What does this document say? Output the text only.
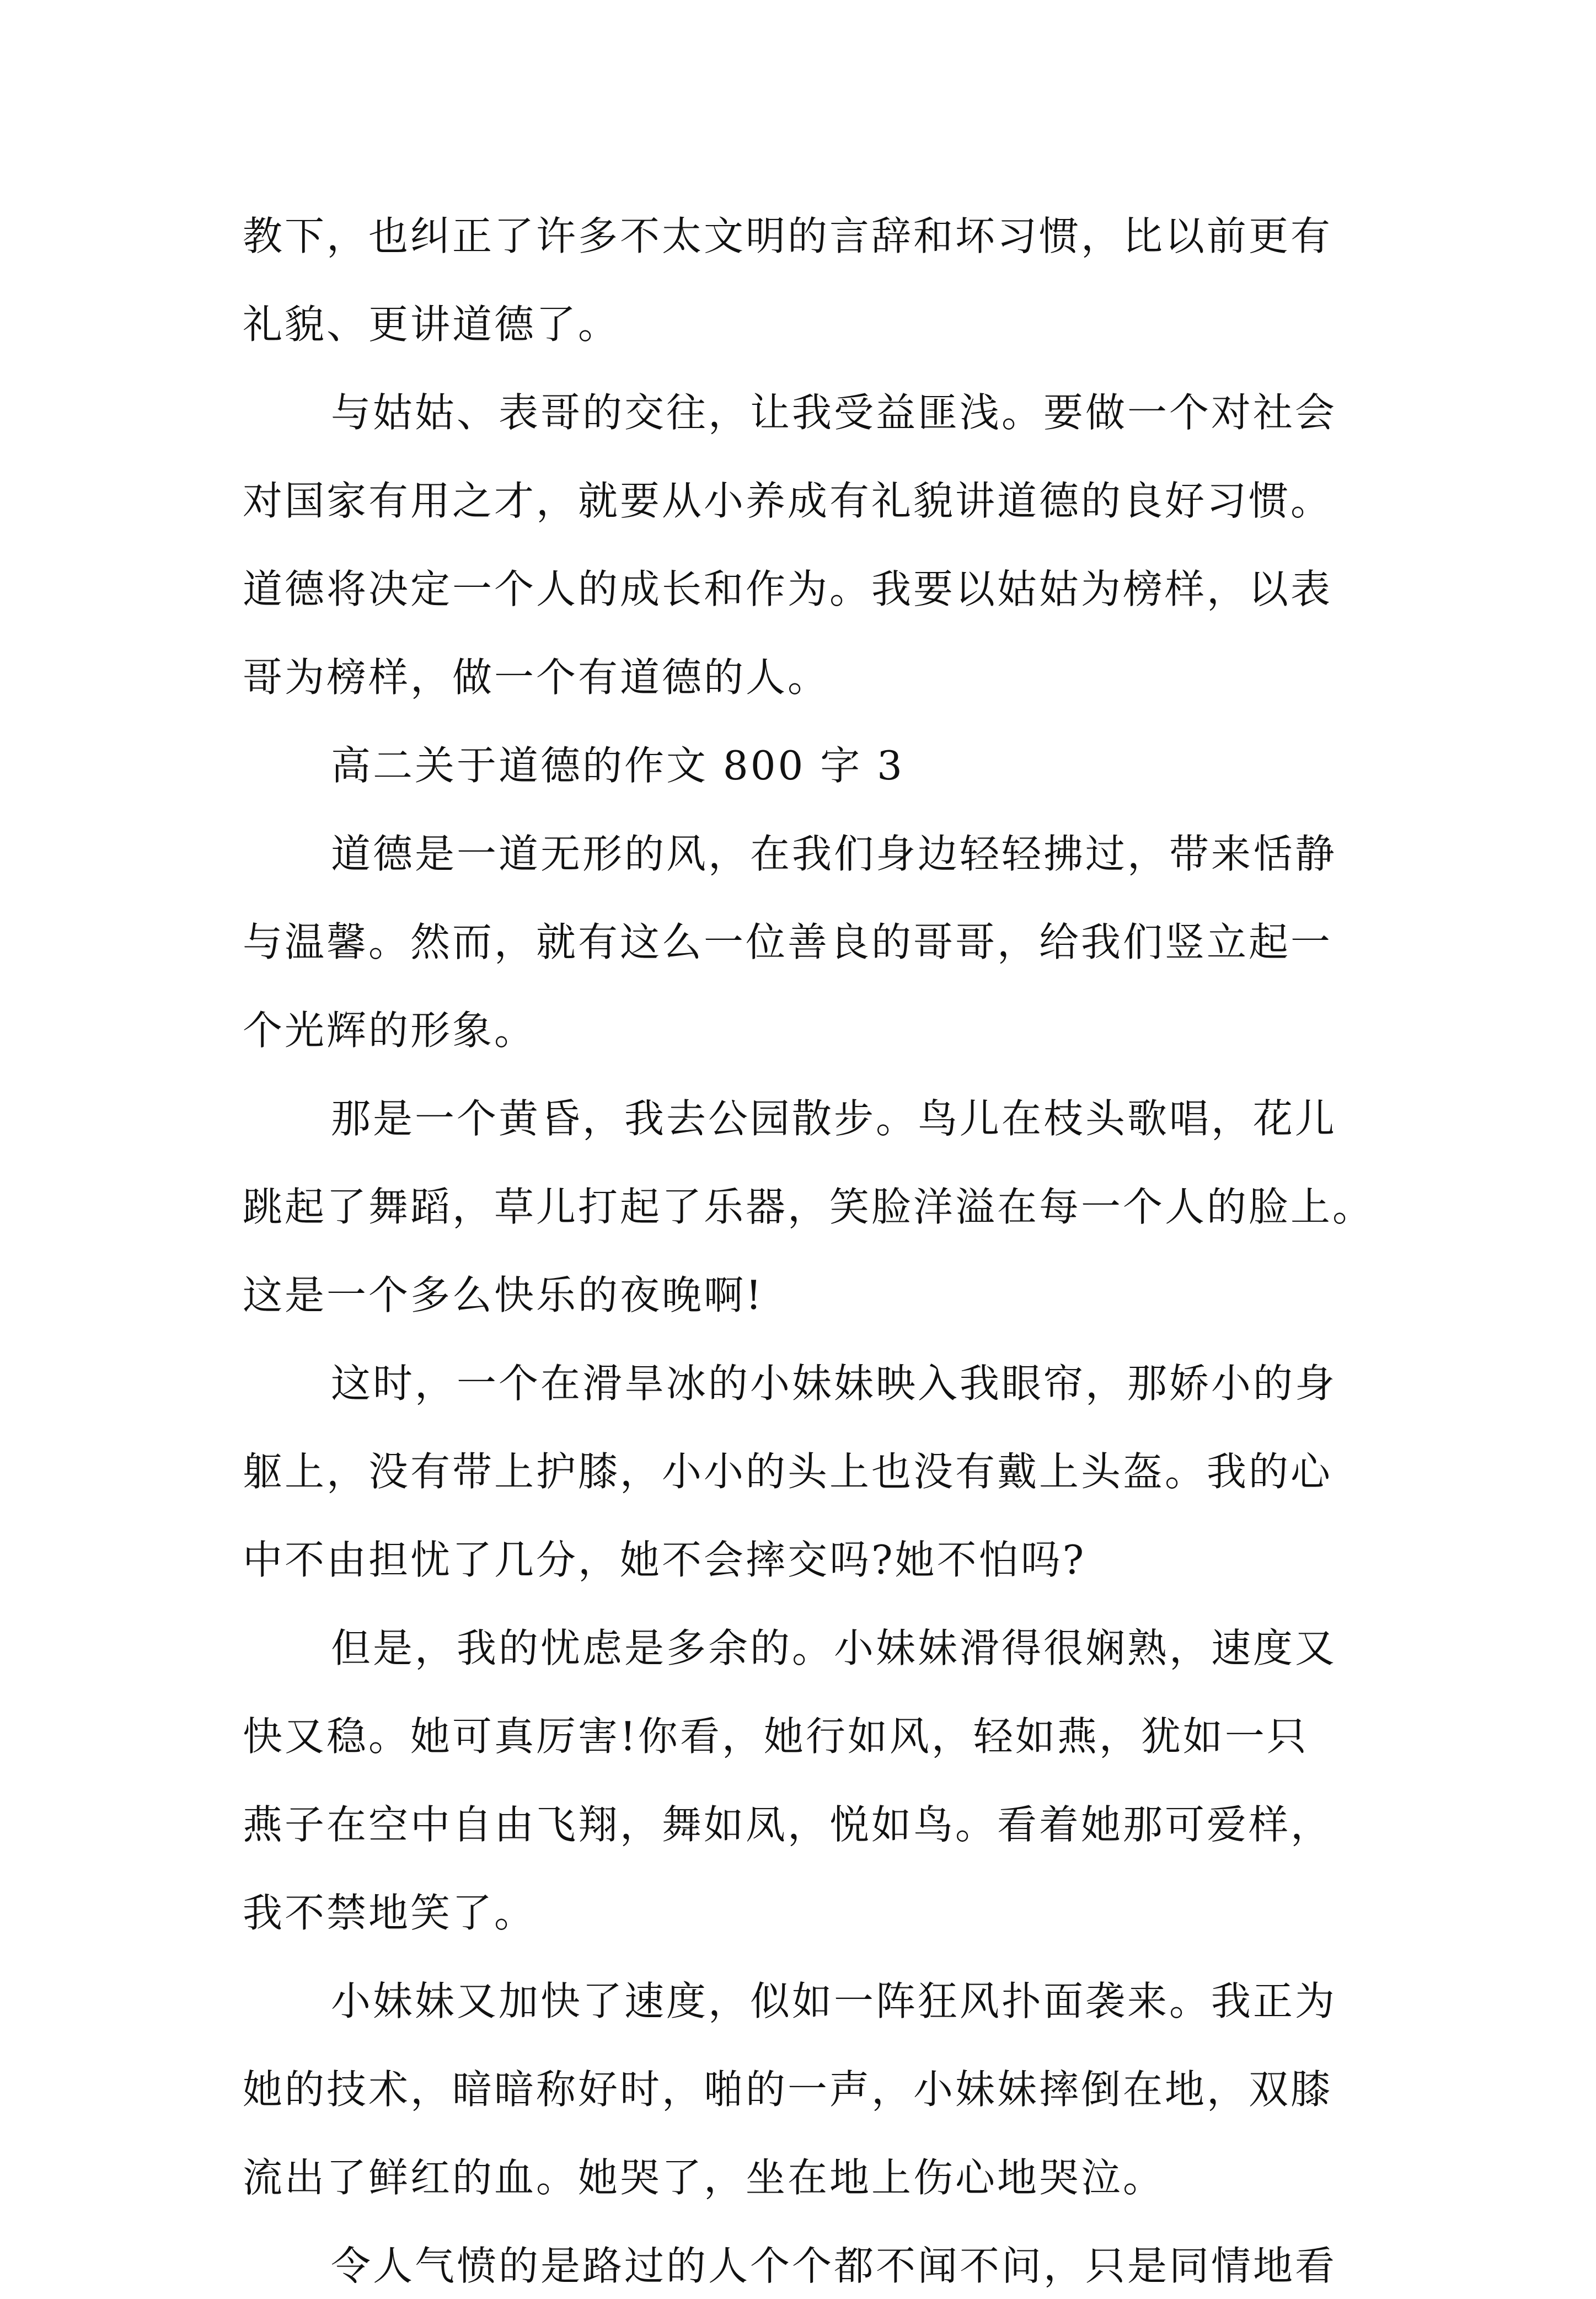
教下，也纠正了许多不太文明的言辞和坏习惯，比以前更有

礼貌、更讲道德了。

与姑姑、表哥的交往，让我受益匪浅。要做一个对社会

对国家有用之才，就要从小养成有礼貌讲道德的良好习惯。

道德将决定一个人的成长和作为。我要以姑姑为榜样，以表

哥为榜样，做一个有道德的人。

高二关于道德的作文 800 字 3

道德是一道无形的风，在我们身边轻轻拂过，带来恬静

与温馨。然而，就有这么一位善良的哥哥，给我们竖立起一

个光辉的形象。

那是一个黄昏，我去公园散步。鸟儿在枝头歌唱，花儿

跳起了舞蹈，草儿打起了乐器，笑脸洋溢在每一个人的脸上。

这是一个多么快乐的夜晚啊!

这时，一个在滑旱冰的小妹妹映入我眼帘，那娇小的身

躯上，没有带上护膝，小小的头上也没有戴上头盔。我的心

中不由担忧了几分，她不会摔交吗?她不怕吗?

但是，我的忧虑是多余的。小妹妹滑得很娴熟，速度又

快又稳。她可真厉害!你看，她行如风，轻如燕，犹如一只

燕子在空中自由飞翔，舞如凤，悦如鸟。看着她那可爱样，

我不禁地笑了。

小妹妹又加快了速度，似如一阵狂风扑面袭来。我正为

她的技术，暗暗称好时，啪的一声，小妹妹摔倒在地，双膝

流出了鲜红的血。她哭了，坐在地上伤心地哭泣。

令人气愤的是路过的人个个都不闻不问，只是同情地看
